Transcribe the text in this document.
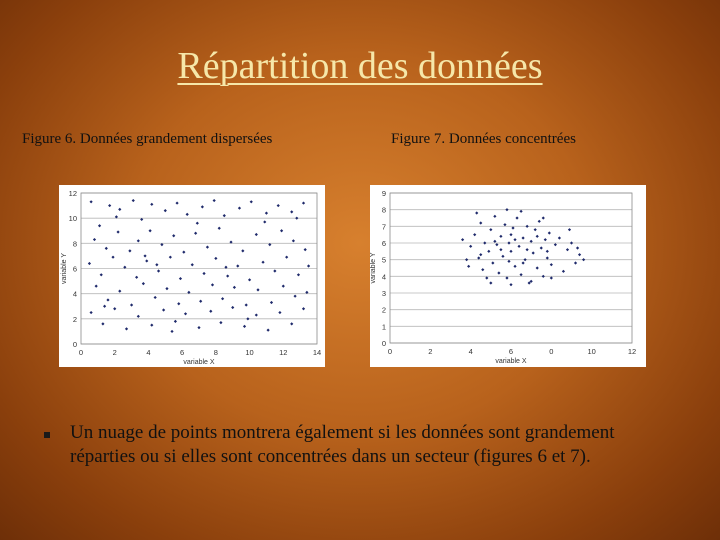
Répartition des données
Figure 6. Données grandement dispersées	Figure 7. Données concentrées
0
2
4
6
8
10
12
0	2	4	6	8	10	12	14
variable X
variable Y
0
1
2
3
4
5
6
7
8
9
0	2	4	6	0	10	12
variable X
variable Y
Un nuage de points montrera également si les données sont grandement réparties ou si elles sont concentrées dans un secteur (figures 6 et 7).
